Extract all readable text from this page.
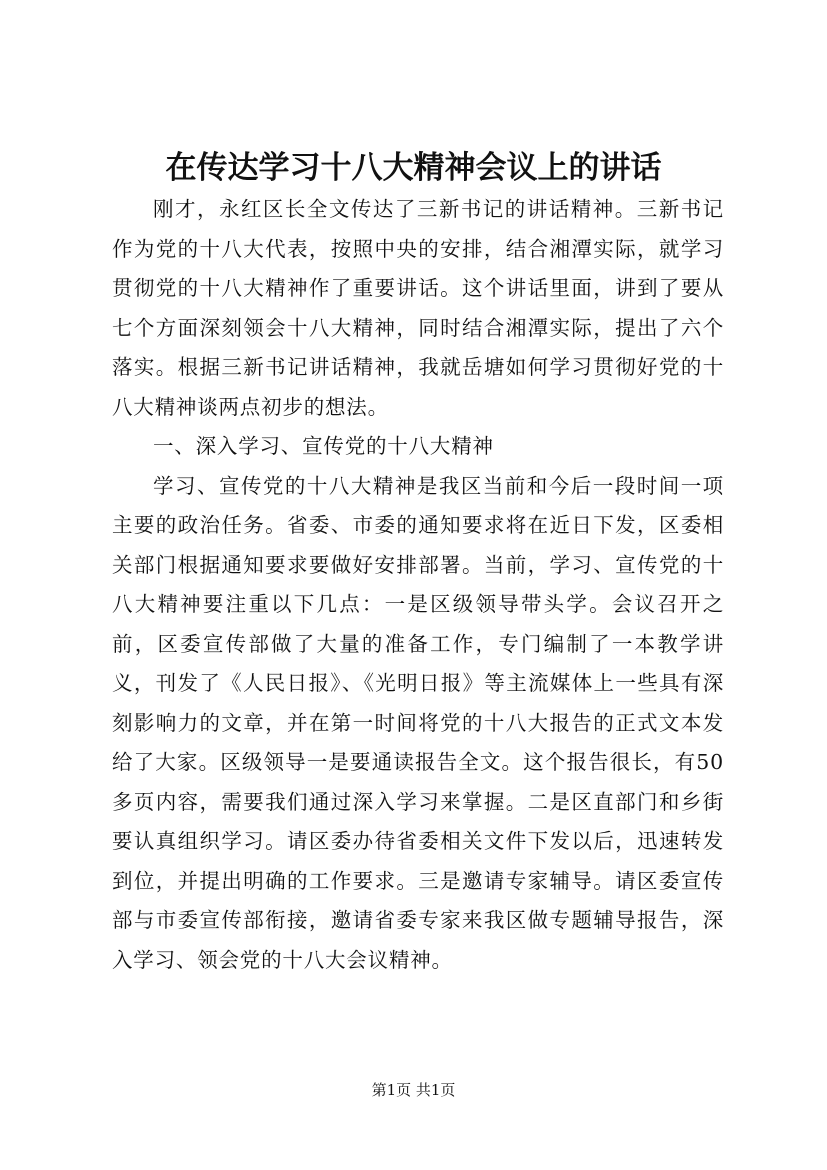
在传达学习十八大精神会议上的讲话

刚才，永红区长全文传达了三新书记的讲话精神。三新书记作为党的十八大代表，按照中央的安排，结合湘潭实际，就学习贯彻党的十八大精神作了重要讲话。这个讲话里面，讲到了要从七个方面深刻领会十八大精神，同时结合湘潭实际，提出了六个落实。根据三新书记讲话精神，我就岳塘如何学习贯彻好党的十八大精神谈两点初步的想法。

一、深入学习、宣传党的十八大精神

学习、宣传党的十八大精神是我区当前和今后一段时间一项主要的政治任务。省委、市委的通知要求将在近日下发，区委相关部门根据通知要求要做好安排部署。当前，学习、宣传党的十八大精神要注重以下几点：一是区级领导带头学。会议召开之前，区委宣传部做了大量的准备工作，专门编制了一本教学讲义，刊发了《人民日报》、《光明日报》等主流媒体上一些具有深刻影响力的文章，并在第一时间将党的十八大报告的正式文本发给了大家。区级领导一是要通读报告全文。这个报告很长，有50多页内容，需要我们通过深入学习来掌握。二是区直部门和乡街要认真组织学习。请区委办待省委相关文件下发以后，迅速转发到位，并提出明确的工作要求。三是邀请专家辅导。请区委宣传部与市委宣传部衔接，邀请省委专家来我区做专题辅导报告，深入学习、领会党的十八大会议精神。

第1页 共1页
